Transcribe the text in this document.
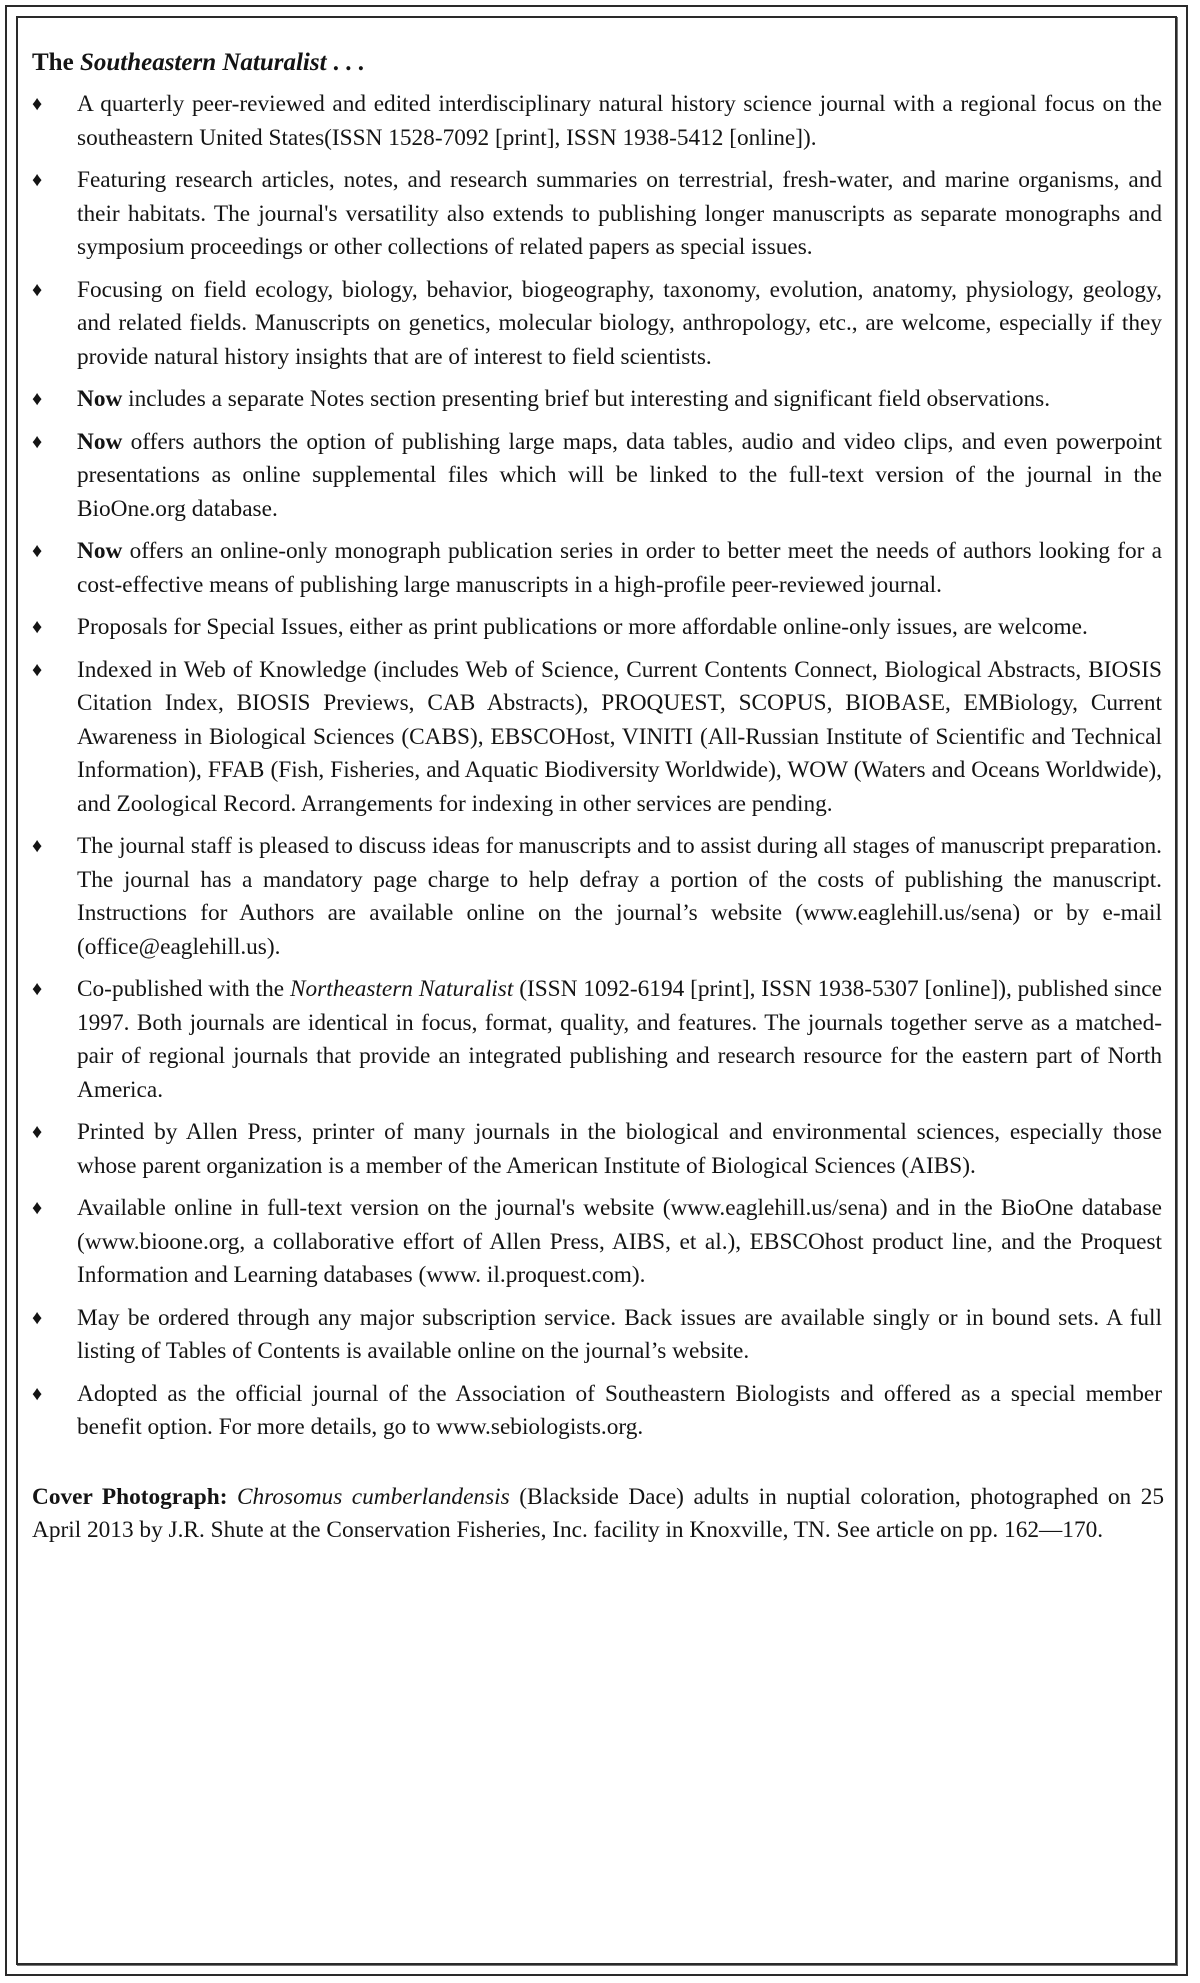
The Southeastern Naturalist . . .
♦ A quarterly peer-reviewed and edited interdisciplinary natural history science journal with a regional focus on the southeastern United States(ISSN 1528-7092 [print], ISSN 1938-5412 [online]).
♦ Featuring research articles, notes, and research summaries on terrestrial, fresh-water, and marine organisms, and their habitats. The journal's versatility also extends to publishing longer manuscripts as separate monographs and symposium proceedings or other collections of related papers as special issues.
♦ Focusing on field ecology, biology, behavior, biogeography, taxonomy, evolution, anatomy, physiology, geology, and related fields. Manuscripts on genetics, molecular biology, anthropology, etc., are welcome, especially if they provide natural history insights that are of interest to field scientists.
♦ Now includes a separate Notes section presenting brief but interesting and significant field observations.
♦ Now offers authors the option of publishing large maps, data tables, audio and video clips, and even powerpoint presentations as online supplemental files which will be linked to the full-text version of the journal in the BioOne.org database.
♦ Now offers an online-only monograph publication series in order to better meet the needs of authors looking for a cost-effective means of publishing large manuscripts in a high-profile peer-reviewed journal.
♦ Proposals for Special Issues, either as print publications or more affordable online-only issues, are welcome.
♦ Indexed in Web of Knowledge (includes Web of Science, Current Contents Connect, Biological Abstracts, BIOSIS Citation Index, BIOSIS Previews, CAB Abstracts), PROQUEST, SCOPUS, BIOBASE, EMBiology, Current Awareness in Biological Sciences (CABS), EBSCOHost, VINITI (All-Russian Institute of Scientific and Technical Information), FFAB (Fish, Fisheries, and Aquatic Biodiversity Worldwide), WOW (Waters and Oceans Worldwide), and Zoological Record. Arrangements for indexing in other services are pending.
♦ The journal staff is pleased to discuss ideas for manuscripts and to assist during all stages of manuscript preparation. The journal has a mandatory page charge to help defray a portion of the costs of publishing the manuscript. Instructions for Authors are available online on the journal’s website (www.eaglehill.us/sena) or by e-mail (office@eaglehill.us).
♦ Co-published with the Northeastern Naturalist (ISSN 1092-6194 [print], ISSN 1938-5307 [online]), published since 1997. Both journals are identical in focus, format, quality, and features. The journals together serve as a matched-pair of regional journals that provide an integrated publishing and research resource for the eastern part of North America.
♦ Printed by Allen Press, printer of many journals in the biological and environmental sciences, especially those whose parent organization is a member of the American Institute of Biological Sciences (AIBS).
♦ Available online in full-text version on the journal's website (www.eaglehill.us/sena) and in the BioOne database (www.bioone.org, a collaborative effort of Allen Press, AIBS, et al.), EBSCOhost product line, and the Proquest Information and Learning databases (www. il.proquest.com).
♦ May be ordered through any major subscription service. Back issues are available singly or in bound sets. A full listing of Tables of Contents is available online on the journal’s website.
♦ Adopted as the official journal of the Association of Southeastern Biologists and offered as a special member benefit option. For more details, go to www.sebiologists.org.
Cover Photograph: Chrosomus cumberlandensis (Blackside Dace) adults in nuptial coloration, photographed on 25 April 2013 by J.R. Shute at the Conservation Fisheries, Inc. facility in Knoxville, TN. See article on pp. 162—170.
